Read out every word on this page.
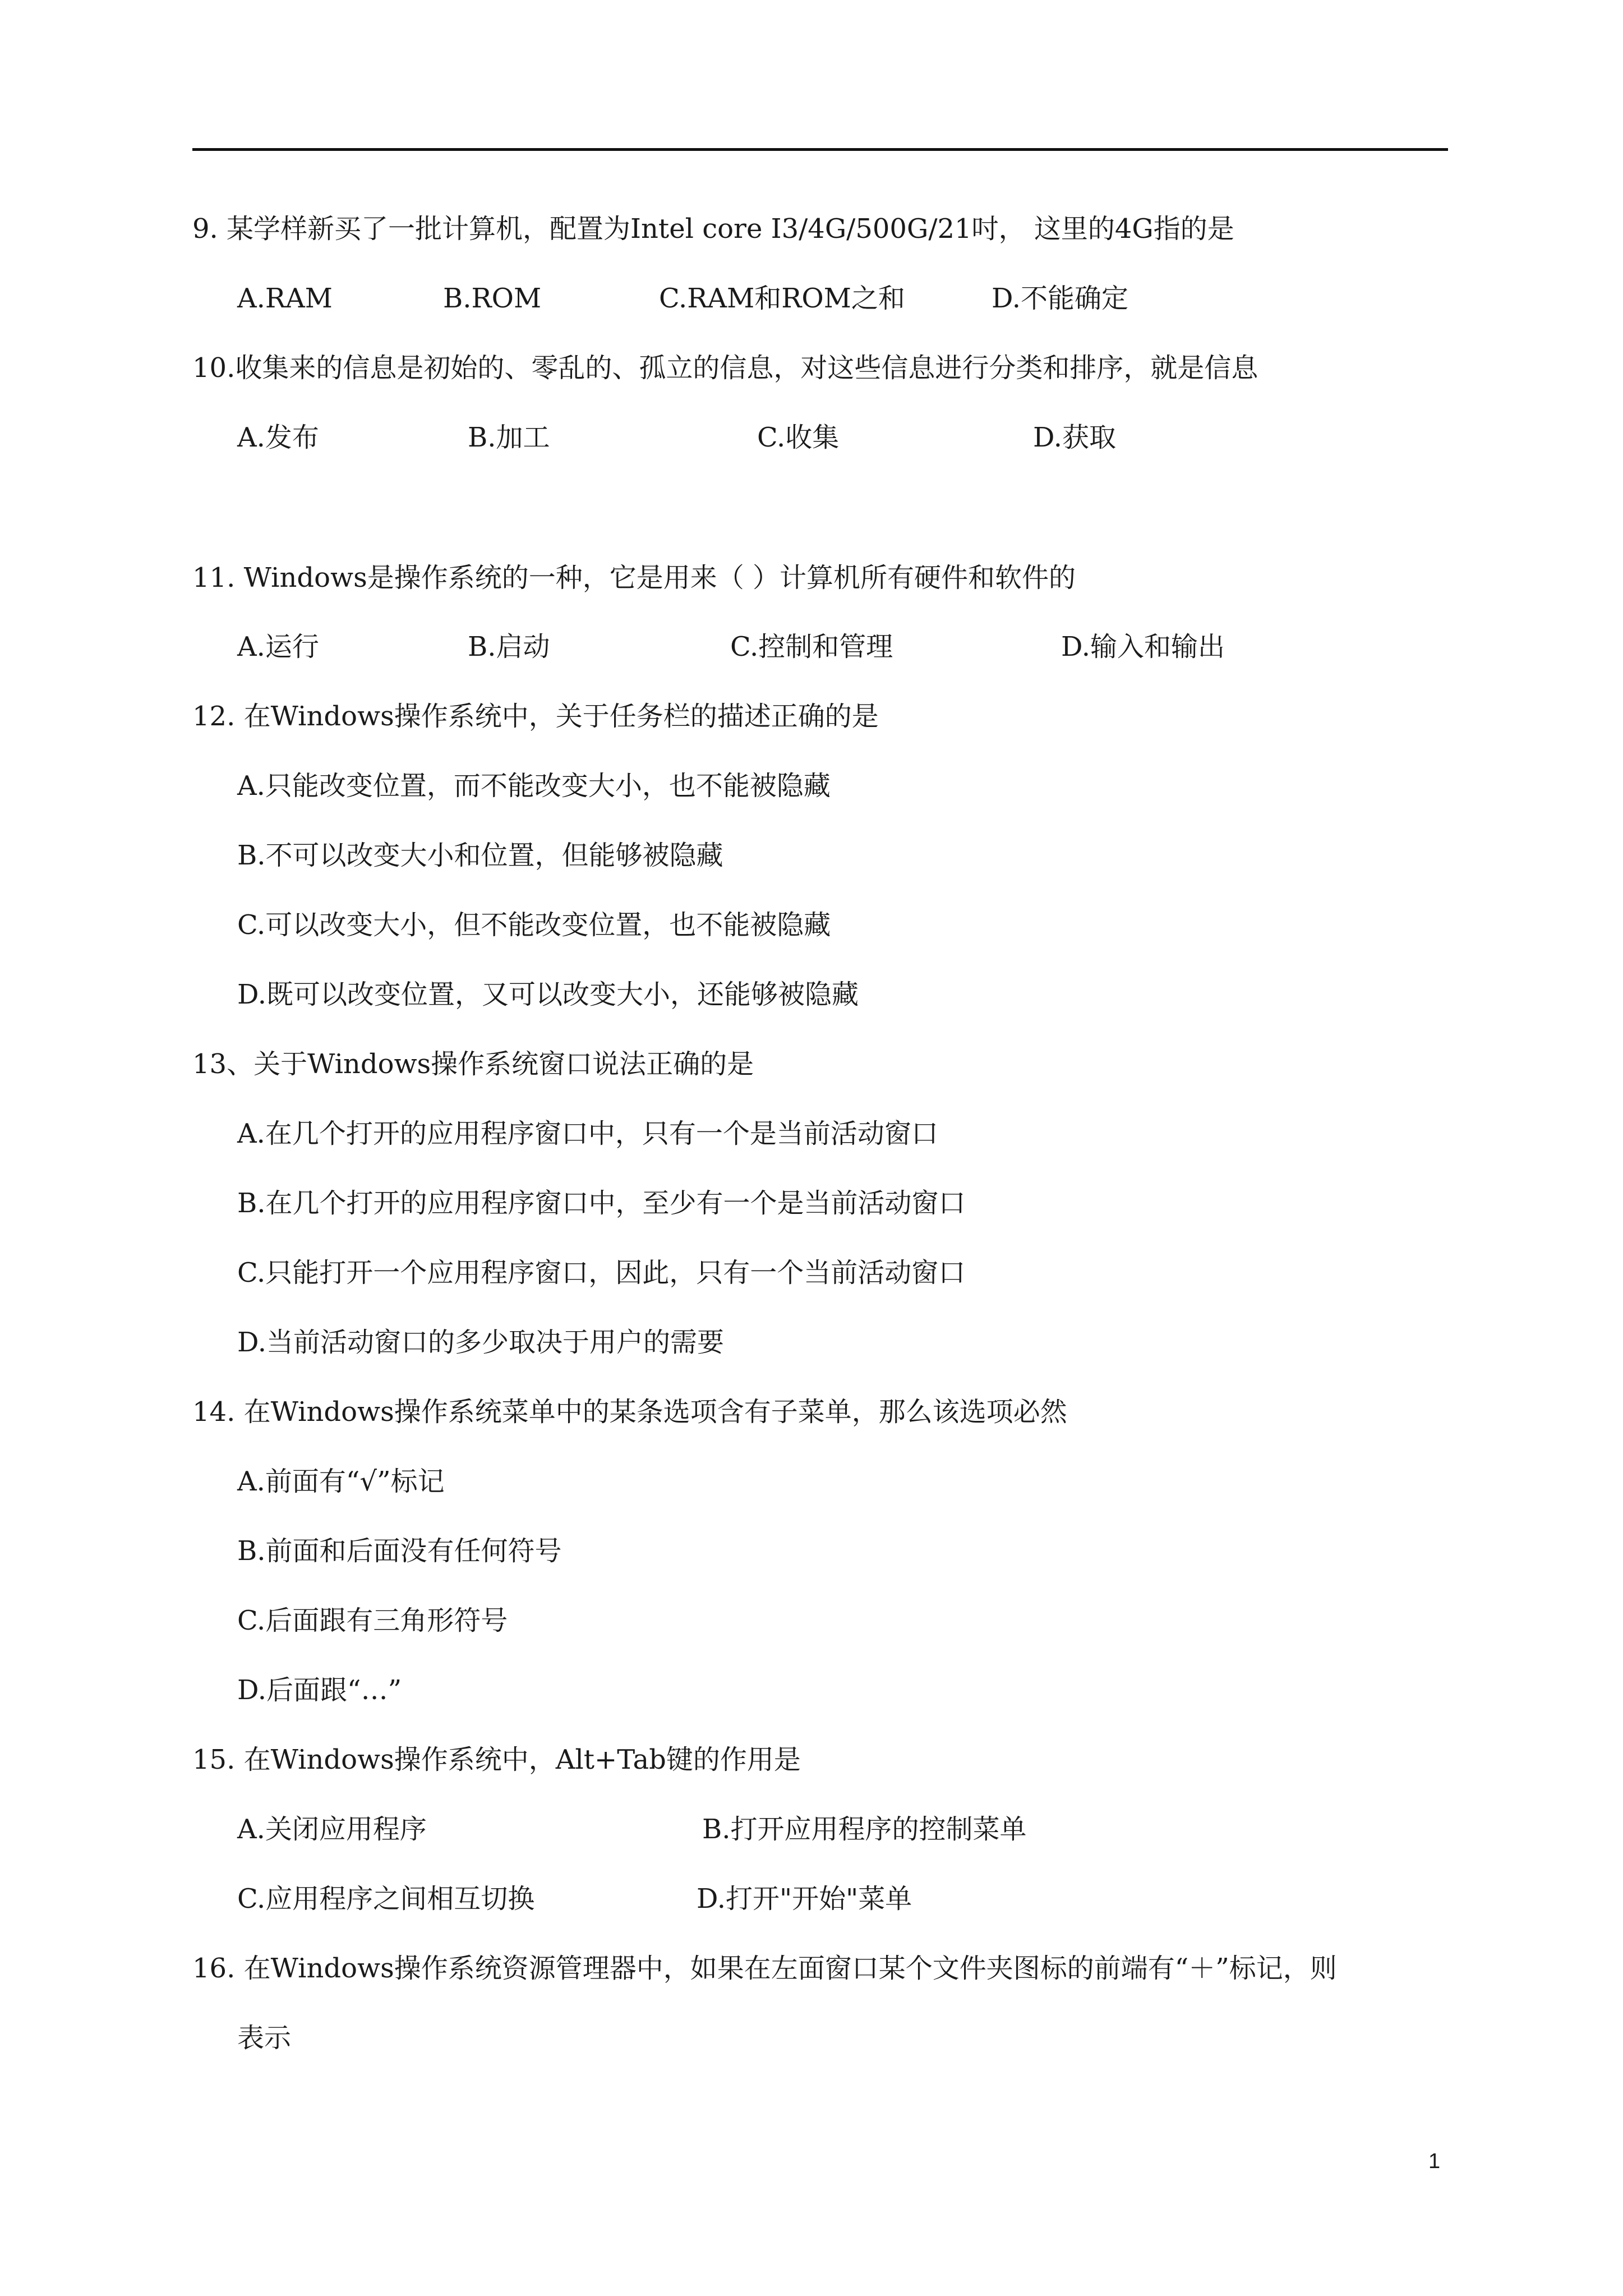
9. 某学样新买了一批计算机，配置为Intel core I3/4G/500G/21吋， 这里的4G指的是
A.RAM	B.ROM	C.RAM和ROM之和	D.不能确定
10.收集来的信息是初始的、零乱的、孤立的信息，对这些信息进行分类和排序，就是信息
A.发布	B.加工	C.收集	D.获取
11. Windows是操作系统的一种，它是用来（ ）计算机所有硬件和软件的
A.运行	B.启动	C.控制和管理	D.输入和输出
12. 在Windows操作系统中，关于任务栏的描述正确的是
A.只能改变位置，而不能改变大小，也不能被隐藏
B.不可以改变大小和位置，但能够被隐藏
C.可以改变大小，但不能改变位置，也不能被隐藏
D.既可以改变位置，又可以改变大小，还能够被隐藏
13、关于Windows操作系统窗口说法正确的是
A.在几个打开的应用程序窗口中，只有一个是当前活动窗口
B.在几个打开的应用程序窗口中，至少有一个是当前活动窗口
C.只能打开一个应用程序窗口，因此，只有一个当前活动窗口
D.当前活动窗口的多少取决于用户的需要
14. 在Windows操作系统菜单中的某条选项含有子菜单，那么该选项必然
A.前面有“√”标记
B.前面和后面没有任何符号
C.后面跟有三角形符号
D.后面跟“…”
15. 在Windows操作系统中，Alt+Tab键的作用是
A.关闭应用程序	B.打开应用程序的控制菜单
C.应用程序之间相互切换	D.打开"开始"菜单
16. 在Windows操作系统资源管理器中，如果在左面窗口某个文件夹图标的前端有“＋”标记，则
表示
1
